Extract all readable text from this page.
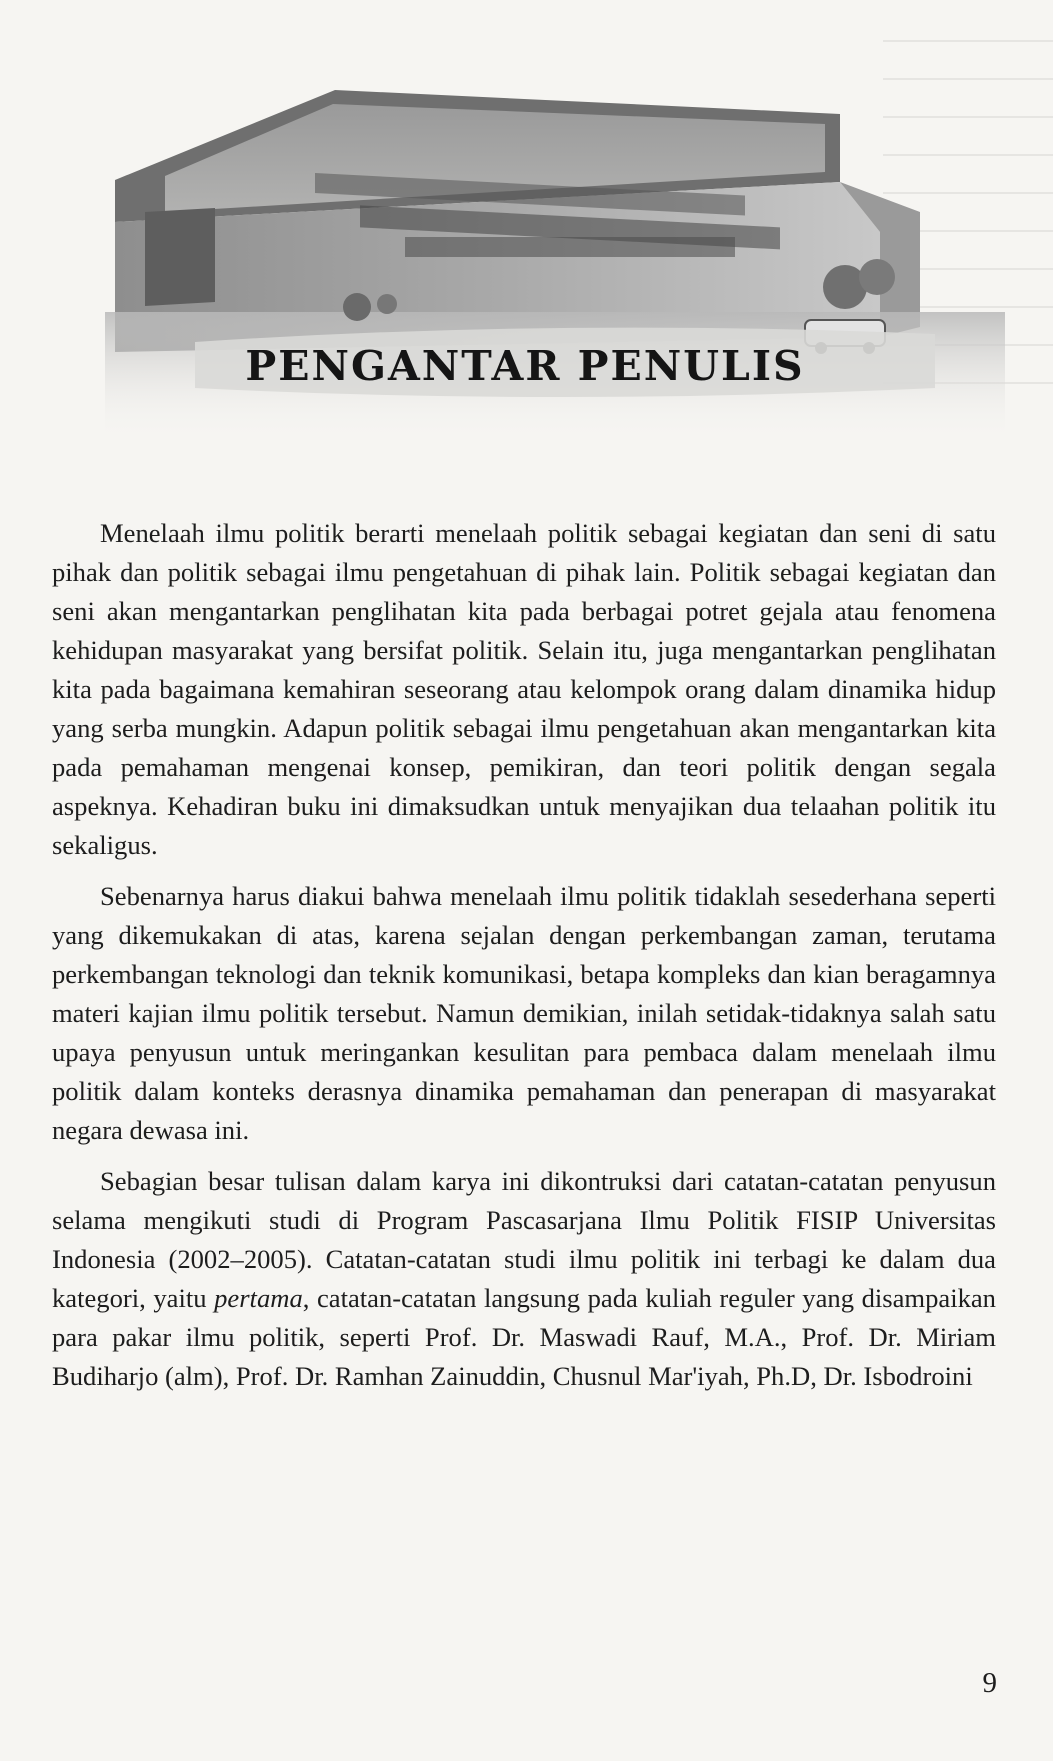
PENGANTAR PENULIS

Menelaah ilmu politik berarti menelaah politik sebagai kegiatan dan seni di satu pihak dan politik sebagai ilmu pengetahuan di pihak lain. Politik sebagai kegiatan dan seni akan mengantarkan penglihatan kita pada berbagai potret gejala atau fenomena kehidupan masyarakat yang bersifat politik. Selain itu, juga mengantarkan penglihatan kita pada bagaimana kemahiran seseorang atau kelompok orang dalam dinamika hidup yang serba mungkin. Adapun politik sebagai ilmu pengetahuan akan mengantarkan kita pada pemahaman mengenai konsep, pemikiran, dan teori politik dengan segala aspeknya. Kehadiran buku ini dimaksudkan untuk menyajikan dua telaahan politik itu sekaligus.

Sebenarnya harus diakui bahwa menelaah ilmu politik tidaklah sesederhana seperti yang dikemukakan di atas, karena sejalan dengan perkembangan zaman, terutama perkembangan teknologi dan teknik komunikasi, betapa kompleks dan kian beragamnya materi kajian ilmu politik tersebut. Namun demikian, inilah setidak-tidaknya salah satu upaya penyusun untuk meringankan kesulitan para pembaca dalam menelaah ilmu politik dalam konteks derasnya dinamika pemahaman dan penerapan di masyarakat negara dewasa ini.

Sebagian besar tulisan dalam karya ini dikontruksi dari catatan-catatan penyusun selama mengikuti studi di Program Pascasarjana Ilmu Politik FISIP Universitas Indonesia (2002–2005). Catatan-catatan studi ilmu politik ini terbagi ke dalam dua kategori, yaitu pertama, catatan-catatan langsung pada kuliah reguler yang disampaikan para pakar ilmu politik, seperti Prof. Dr. Maswadi Rauf, M.A., Prof. Dr. Miriam Budiharjo (alm), Prof. Dr. Ramhan Zainuddin, Chusnul Mar'iyah, Ph.D, Dr. Isbodroini

9
